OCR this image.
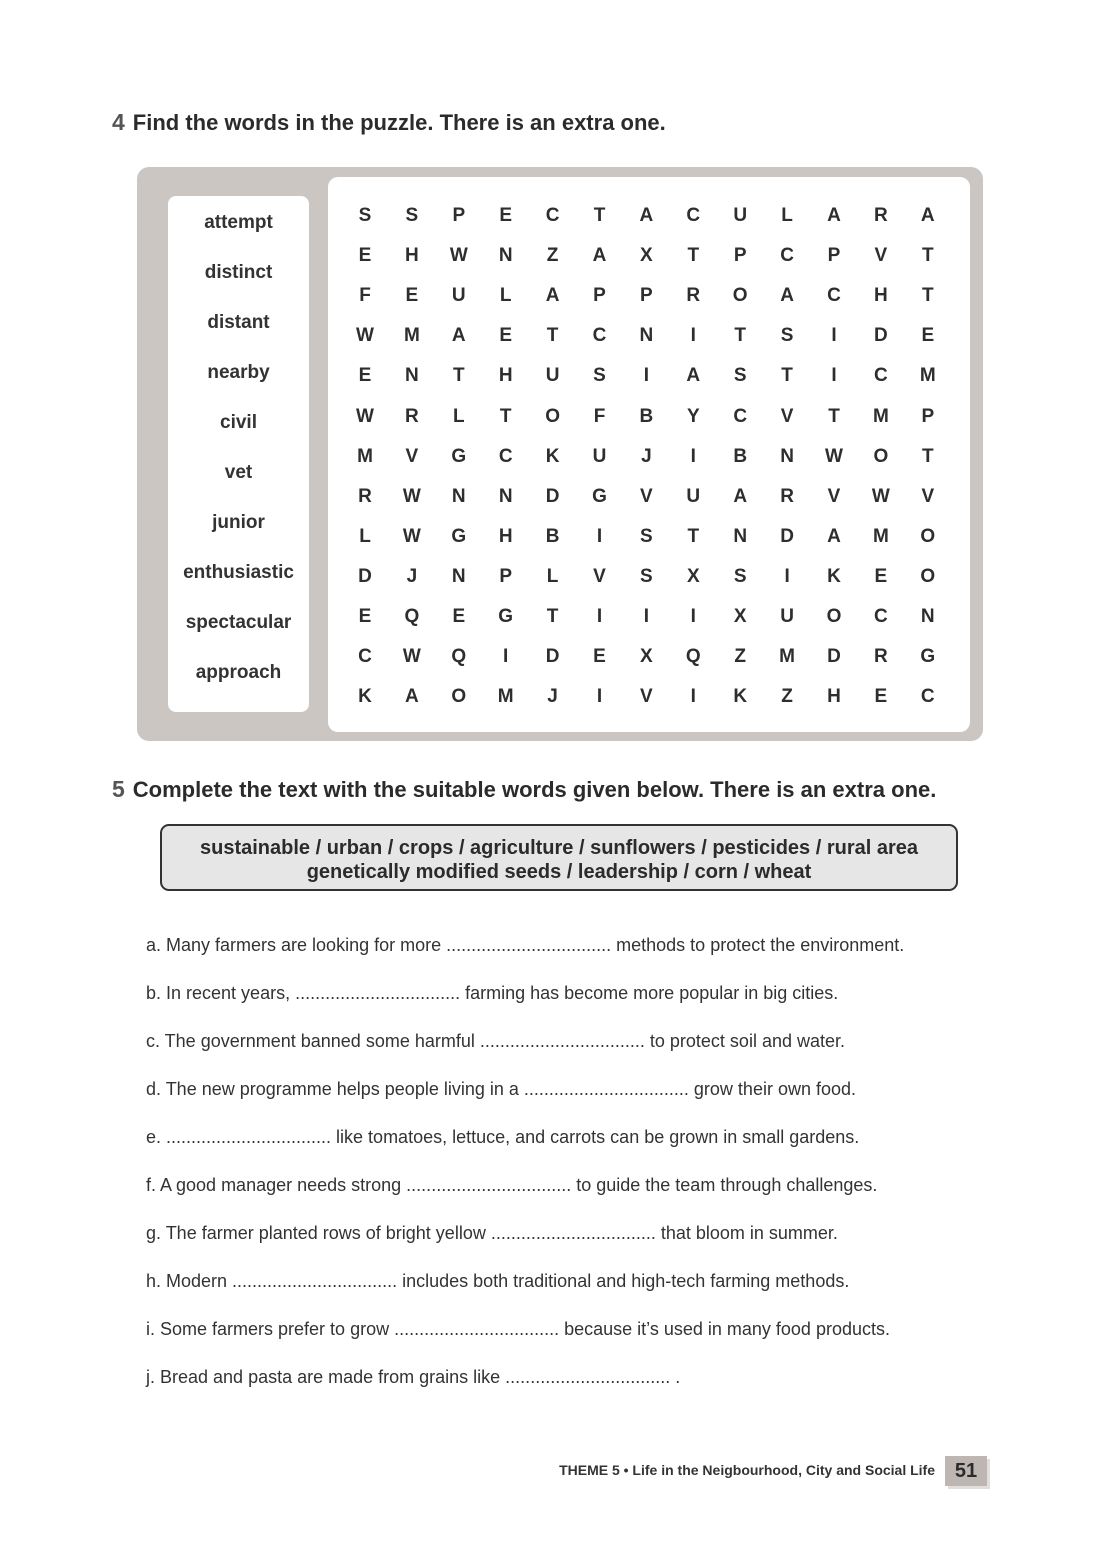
4 Find the words in the puzzle. There is an extra one.
attempt
distinct
distant
nearby
civil
vet
junior
enthusiastic
spectacular
approach
S	S	P	E	C	T	A	C	U	L	A	R	A
E	H	W	N	Z	A	X	T	P	C	P	V	T
F	E	U	L	A	P	P	R	O	A	C	H	T
W	M	A	E	T	C	N	I	T	S	I	D	E
E	N	T	H	U	S	I	A	S	T	I	C	M
W	R	L	T	O	F	B	Y	C	V	T	M	P
M	V	G	C	K	U	J	I	B	N	W	O	T
R	W	N	N	D	G	V	U	A	R	V	W	V
L	W	G	H	B	I	S	T	N	D	A	M	O
D	J	N	P	L	V	S	X	S	I	K	E	O
E	Q	E	G	T	I	I	I	X	U	O	C	N
C	W	Q	I	D	E	X	Q	Z	M	D	R	G
K	A	O	M	J	I	V	I	K	Z	H	E	C
5 Complete the text with the suitable words given below. There is an extra one.
sustainable / urban / crops / agriculture / sunflowers / pesticides / rural area
genetically modified seeds / leadership / corn / wheat
a. Many farmers are looking for more ................................. methods to protect the environment.
b. In recent years, ................................. farming has become more popular in big cities.
c. The government banned some harmful ................................. to protect soil and water.
d. The new programme helps people living in a ................................. grow their own food.
e. ................................. like tomatoes, lettuce, and carrots can be grown in small gardens.
f. A good manager needs strong ................................. to guide the team through challenges.
g. The farmer planted rows of bright yellow ................................. that bloom in summer.
h. Modern ................................. includes both traditional and high-tech farming methods.
i. Some farmers prefer to grow ................................. because it’s used in many food products.
j. Bread and pasta are made from grains like ................................. .
THEME 5 • Life in the Neigbourhood, City and Social Life 51
